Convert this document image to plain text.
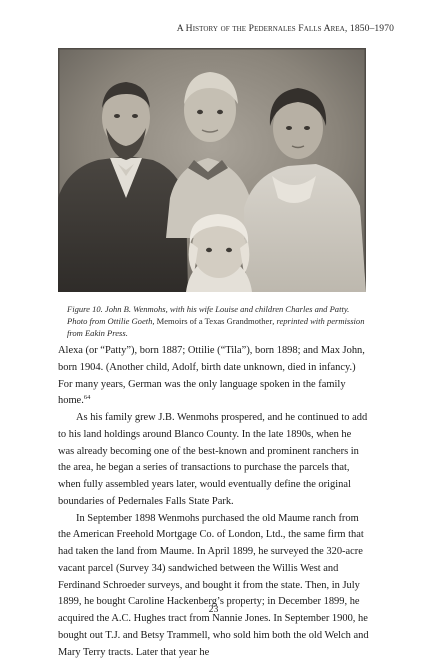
A History of the Pedernales Falls Area, 1850–1970
Figure 10. John B. Wenmohs, with his wife Louise and children Charles and Patty. Photo from Ottilie Goeth, Memoirs of a Texas Grandmother, reprinted with permission from Eakin Press.

Alexa (or “Patty”), born 1887; Ottilie (“Tila”), born 1898; and Max John, born 1904. (Another child, Adolf, birth date unknown, died in infancy.) For many years, German was the only language spoken in the family home.$^{64}$

As his family grew J.B. Wenmohs prospered, and he continued to add to his land holdings around Blanco County. In the late 1890s, when he was already becoming one of the best-known and prominent ranchers in the area, he began a series of transactions to purchase the parcels that, when fully assembled years later, would eventually define the original boundaries of Pedernales Falls State Park.

In September 1898 Wenmohs purchased the old Maume ranch from the American Freehold Mortgage Co. of London, Ltd., the same firm that had taken the land from Maume. In April 1899, he surveyed the 320-acre vacant parcel (Survey 34) sandwiched between the Willis West and Ferdinand Schroeder surveys, and bought it from the state. Then, in July 1899, he bought Caroline Hackenberg’s property; in December 1899, he acquired the A.C. Hughes tract from Nannie Jones. In September 1900, he bought out T.J. and Betsy Trammell, who sold him both the old Welch and Mary Terry tracts. Later that year he

23
